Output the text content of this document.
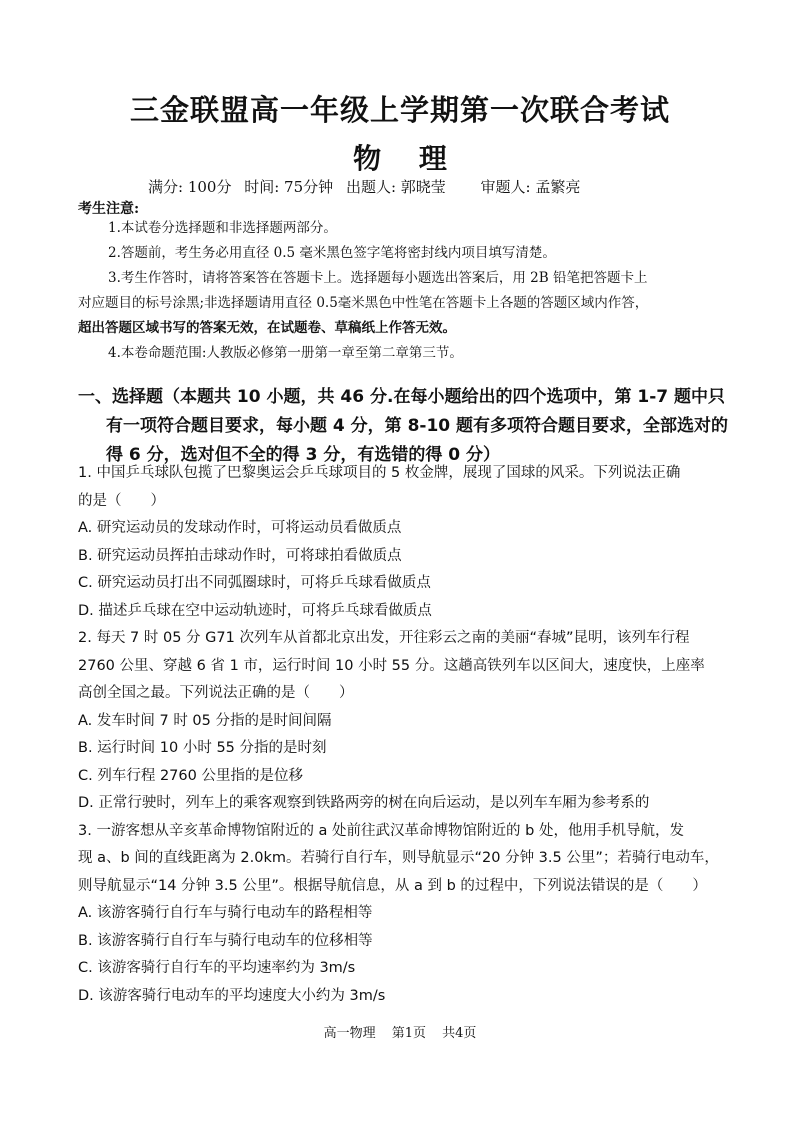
三金联盟高一年级上学期第一次联合考试
物 理
满分: 100分 时间: 75分钟 出题人: 郭晓莹 审题人: 孟繁亮
考生注意:
1.本试卷分选择题和非选择题两部分。
2.答题前，考生务必用直径 0.5 毫米黑色签字笔将密封线内项目填写清楚。
3.考生作答时，请将答案答在答题卡上。选择题每小题选出答案后，用 2B 铅笔把答题卡上
对应题目的标号涂黑;非选择题请用直径 0.5毫米黑色中性笔在答题卡上各题的答题区域内作答，
超出答题区域书写的答案无效，在试题卷、草稿纸上作答无效。
4.本卷命题范围:人教版必修第一册第一章至第二章第三节。
一、选择题（本题共 10 小题，共 46 分.在每小题给出的四个选项中，第 1-7 题中只
有一项符合题目要求，每小题 4 分，第 8-10 题有多项符合题目要求，全部选对的
得 6 分，选对但不全的得 3 分，有选错的得 0 分）
1. 中国乒乓球队包揽了巴黎奥运会乒乓球项目的 5 枚金牌，展现了国球的风采。下列说法正确
的是（　　）
A. 研究运动员的发球动作时，可将运动员看做质点
B. 研究运动员挥拍击球动作时，可将球拍看做质点
C. 研究运动员打出不同弧圈球时，可将乒乓球看做质点
D. 描述乒乓球在空中运动轨迹时，可将乒乓球看做质点
2. 每天 7 时 05 分 G71 次列车从首都北京出发，开往彩云之南的美丽“春城”昆明，该列车行程
2760 公里、穿越 6 省 1 市，运行时间 10 小时 55 分。这趟高铁列车以区间大，速度快，上座率
高创全国之最。下列说法正确的是（　　）
A. 发车时间 7 时 05 分指的是时间间隔
B. 运行时间 10 小时 55 分指的是时刻
C. 列车行程 2760 公里指的是位移
D. 正常行驶时，列车上的乘客观察到铁路两旁的树在向后运动，是以列车车厢为参考系的
3. 一游客想从辛亥革命博物馆附近的 a 处前往武汉革命博物馆附近的 b 处，他用手机导航，发
现 a、b 间的直线距离为 2.0km。若骑行自行车，则导航显示“20 分钟 3.5 公里”；若骑行电动车，
则导航显示“14 分钟 3.5 公里”。根据导航信息，从 a 到 b 的过程中，下列说法错误的是（　　）
A. 该游客骑行自行车与骑行电动车的路程相等
B. 该游客骑行自行车与骑行电动车的位移相等
C. 该游客骑行自行车的平均速率约为 3m/s
D. 该游客骑行电动车的平均速度大小约为 3m/s
高一物理 第1页 共4页
